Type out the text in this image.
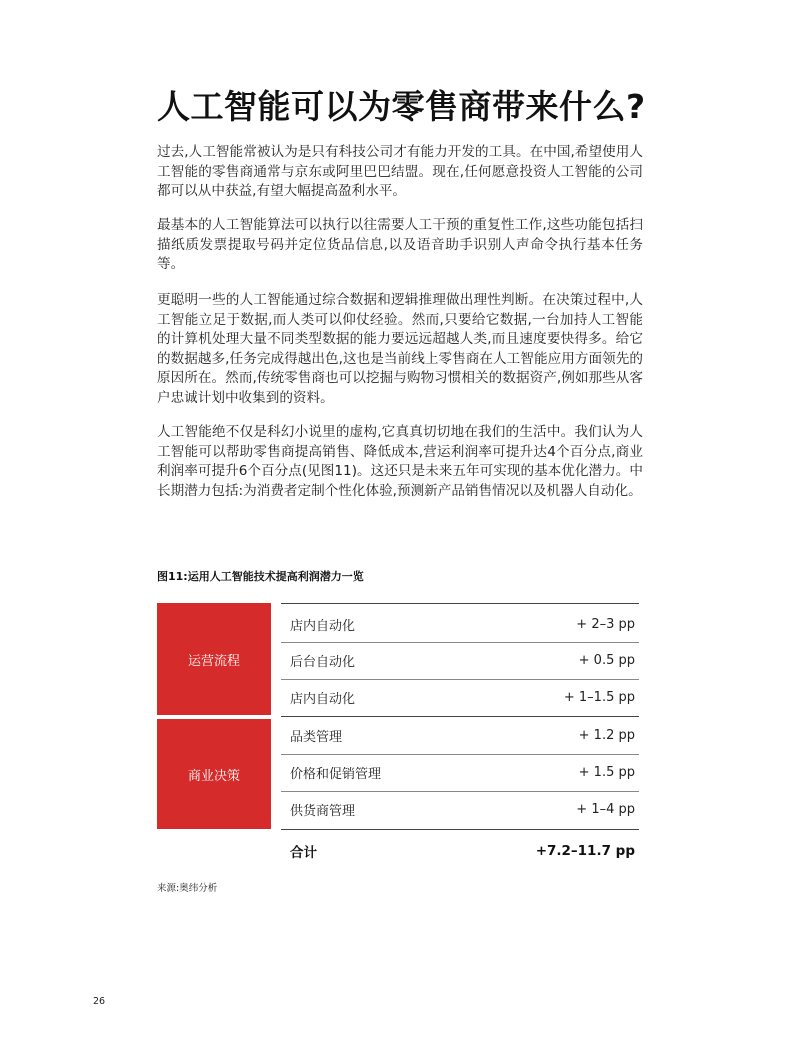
人工智能可以为零售商带来什么?

过去,人工智能常被认为是只有科技公司才有能力开发的工具。在中国,希望使用人工智能的零售商通常与京东或阿里巴巴结盟。现在,任何愿意投资人工智能的公司都可以从中获益,有望大幅提高盈利水平。

最基本的人工智能算法可以执行以往需要人工干预的重复性工作,这些功能包括扫描纸质发票提取号码并定位货品信息,以及语音助手识别人声命令执行基本任务等。

更聪明一些的人工智能通过综合数据和逻辑推理做出理性判断。在决策过程中,人工智能立足于数据,而人类可以仰仗经验。然而,只要给它数据,一台加持人工智能的计算机处理大量不同类型数据的能力要远远超越人类,而且速度要快得多。给它的数据越多,任务完成得越出色,这也是当前线上零售商在人工智能应用方面领先的原因所在。然而,传统零售商也可以挖掘与购物习惯相关的数据资产,例如那些从客户忠诚计划中收集到的资料。

人工智能绝不仅是科幻小说里的虚构,它真真切切地在我们的生活中。我们认为人工智能可以帮助零售商提高销售、降低成本,营运利润率可提升达4个百分点,商业利润率可提升6个百分点(见图11)。这还只是未来五年可实现的基本优化潜力。中长期潜力包括:为消费者定制个性化体验,预测新产品销售情况以及机器人自动化。

图11:运用人工智能技术提高利润潜力一览
运营流程
商业决策
店内自动化	+ 2–3 pp
后台自动化	+ 0.5 pp
店内自动化	+ 1–1.5 pp
品类管理	+ 1.2 pp
价格和促销管理	+ 1.5 pp
供货商管理	+ 1–4 pp
合计	+7.2–11.7 pp
来源:奥纬分析
26
